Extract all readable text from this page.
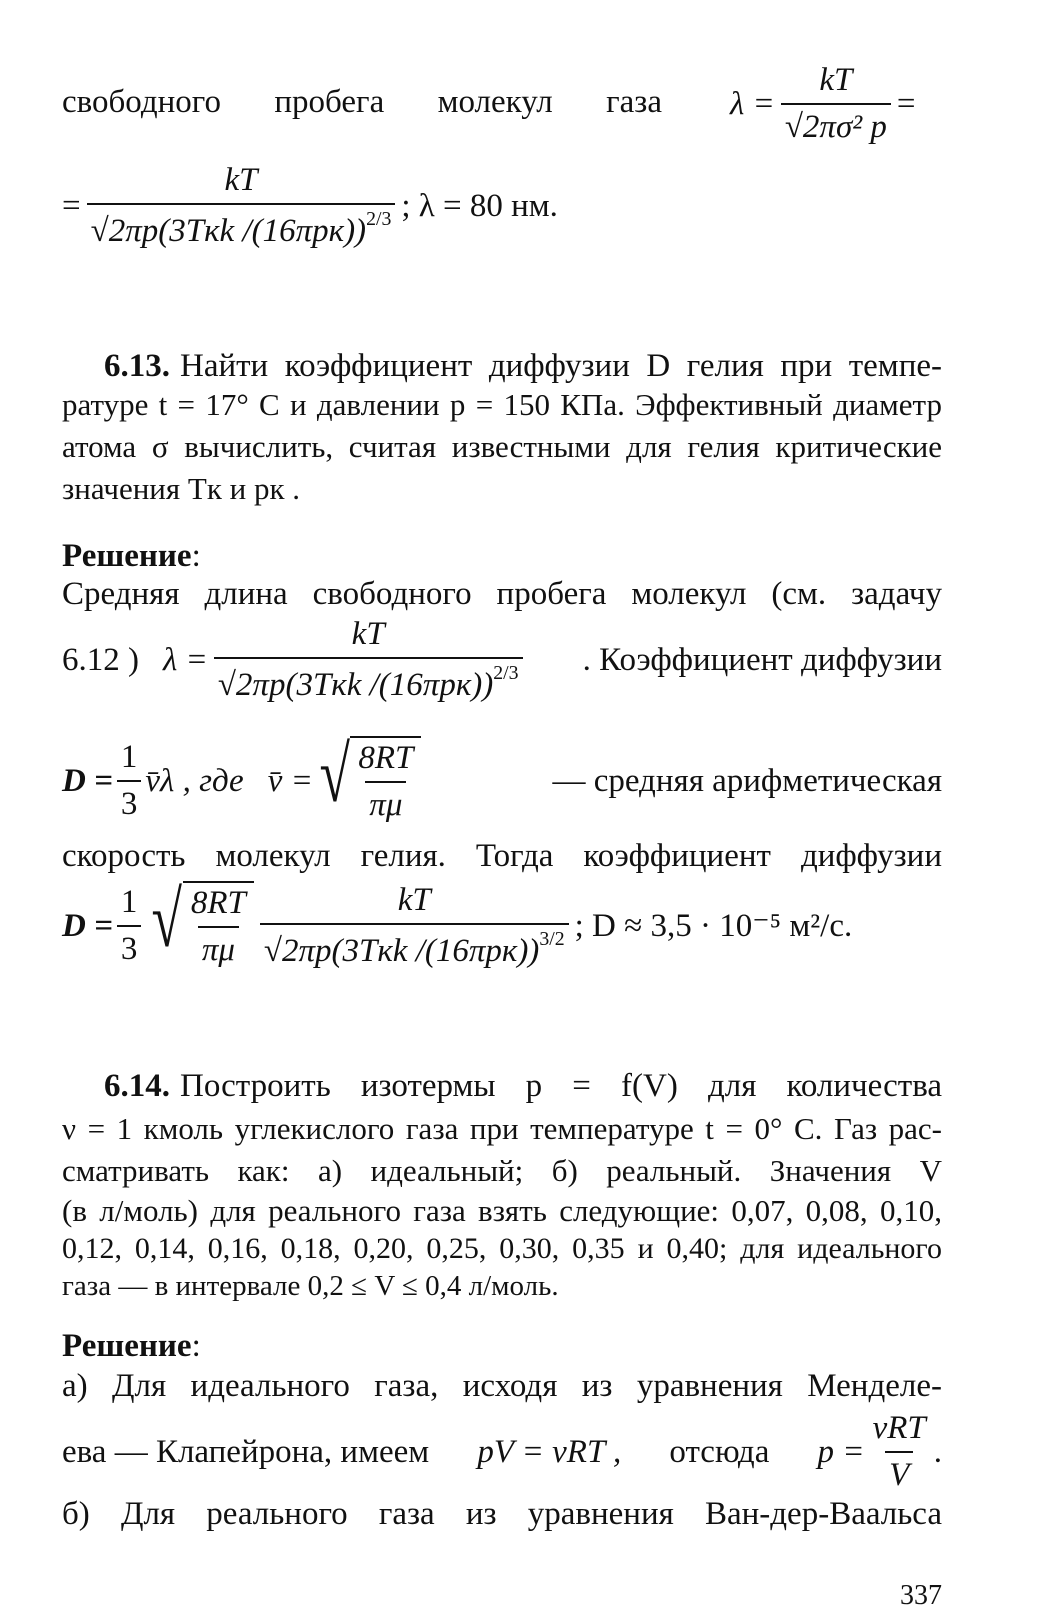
свободного пробега молекул газа $\lambda = \frac{kT}{\text{√2πσ² p}}$ =
= $\frac{kT}{√2\pi p(3Tкk /(16\pi pк))^{2/3}}$ ; λ = 80 нм.
6.13. Найти коэффициент диффузии D гелия при темпе-
ратуре t = 17° С и давлении p = 150 КПа. Эффективный диаметр
атома σ вычислить, считая известными для гелия критические
значения Tк и pк .
Решение:
Средняя длина свободного пробега молекул (см. задачу
6.12 ) $\lambda = \frac{kT}{√2\pi p(3Tкk /(16\pi pк))^{2/3}}$ . Коэффициент диффузии
$D = \frac{1}{3}$ v̄λ , где v̄ = √ $\frac{8RT}{\pi\mu}$	— средняя арифметическая
скорость молекул гелия. Тогда коэффициент диффузии
$D = \frac{1}{3}$ √ $\frac{8RT}{\pi\mu} \frac{kT}{√2\pi p(3Tкk /(16\pi pк))^{3/2}}$ ; D ≈ 3,5 · 10⁻⁵ м²/с.
6.14. Построить изотермы p = f(V) для количества
ν = 1 кмоль углекислого газа при температуре t = 0° С. Газ рас-
сматривать как: а) идеальный; б) реальный. Значения V
(в л/моль) для реального газа взять следующие: 0,07, 0,08, 0,10,
0,12, 0,14, 0,16, 0,18, 0,20, 0,25, 0,30, 0,35 и 0,40; для идеального
газа — в интервале 0,2 ≤ V ≤ 0,4 л/моль.
Решение:
а) Для идеального газа, исходя из уравнения Менделе-
ева — Клапейрона, имеем pV = νRT , отсюда $p = \frac{\text{νRT}}{V}$ .
б) Для реального газа из уравнения Ван-дер-Ваальса
337
